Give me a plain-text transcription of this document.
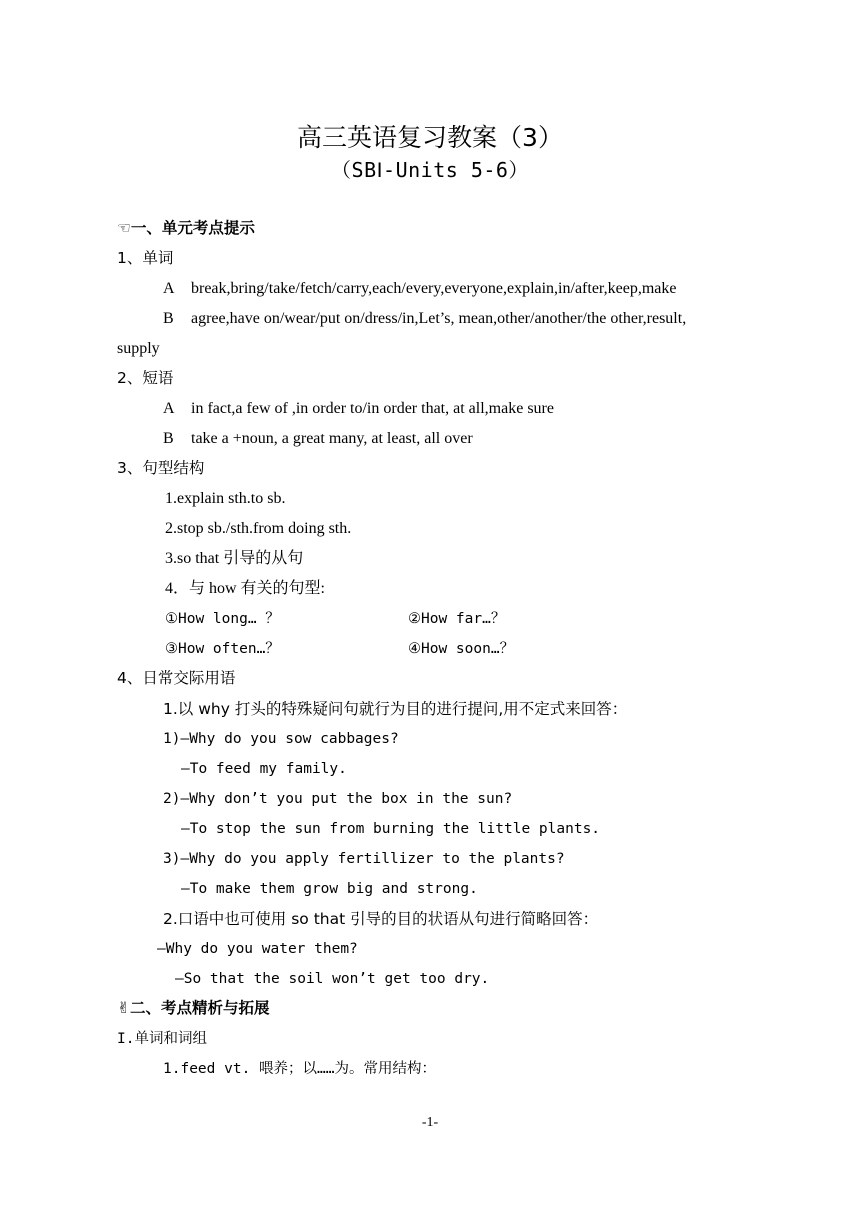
高三英语复习教案（3）
（SBⅠ-Units 5-6）
☜一、单元考点提示
1、单词
A break,bring/take/fetch/carry,each/every,everyone,explain,in/after,keep,make
B agree,have on/wear/put on/dress/in,Let’s, mean,other/another/the other,result,
supply
2、短语
A in fact,a few of ,in order to/in order that, at all,make sure
B take a +noun, a great many, at least, all over
3、句型结构
1.explain sth.to sb.
2.stop sb./sth.from doing sth.
3.so that 引导的从句
4．与 how 有关的句型:
①How long… ？	②How far…？
③How often…？	④How soon…？
4、日常交际用语
1.以 why 打头的特殊疑问句就行为目的进行提问,用不定式来回答：
1)—Why do you sow cabbages?
—To feed my family.
2)—Why don’t you put the box in the sun?
—To stop the sun from burning the little plants.
3)—Why do you apply fertillizer to the plants?
—To make them grow big and strong.
2.口语中也可使用 so that 引导的目的状语从句进行简略回答：
—Why do you water them?
—So that the soil won’t get too dry.
✌二、考点精析与拓展
I.单词和词组
1.feed vt. 喂养；以……为。常用结构：
-1-
